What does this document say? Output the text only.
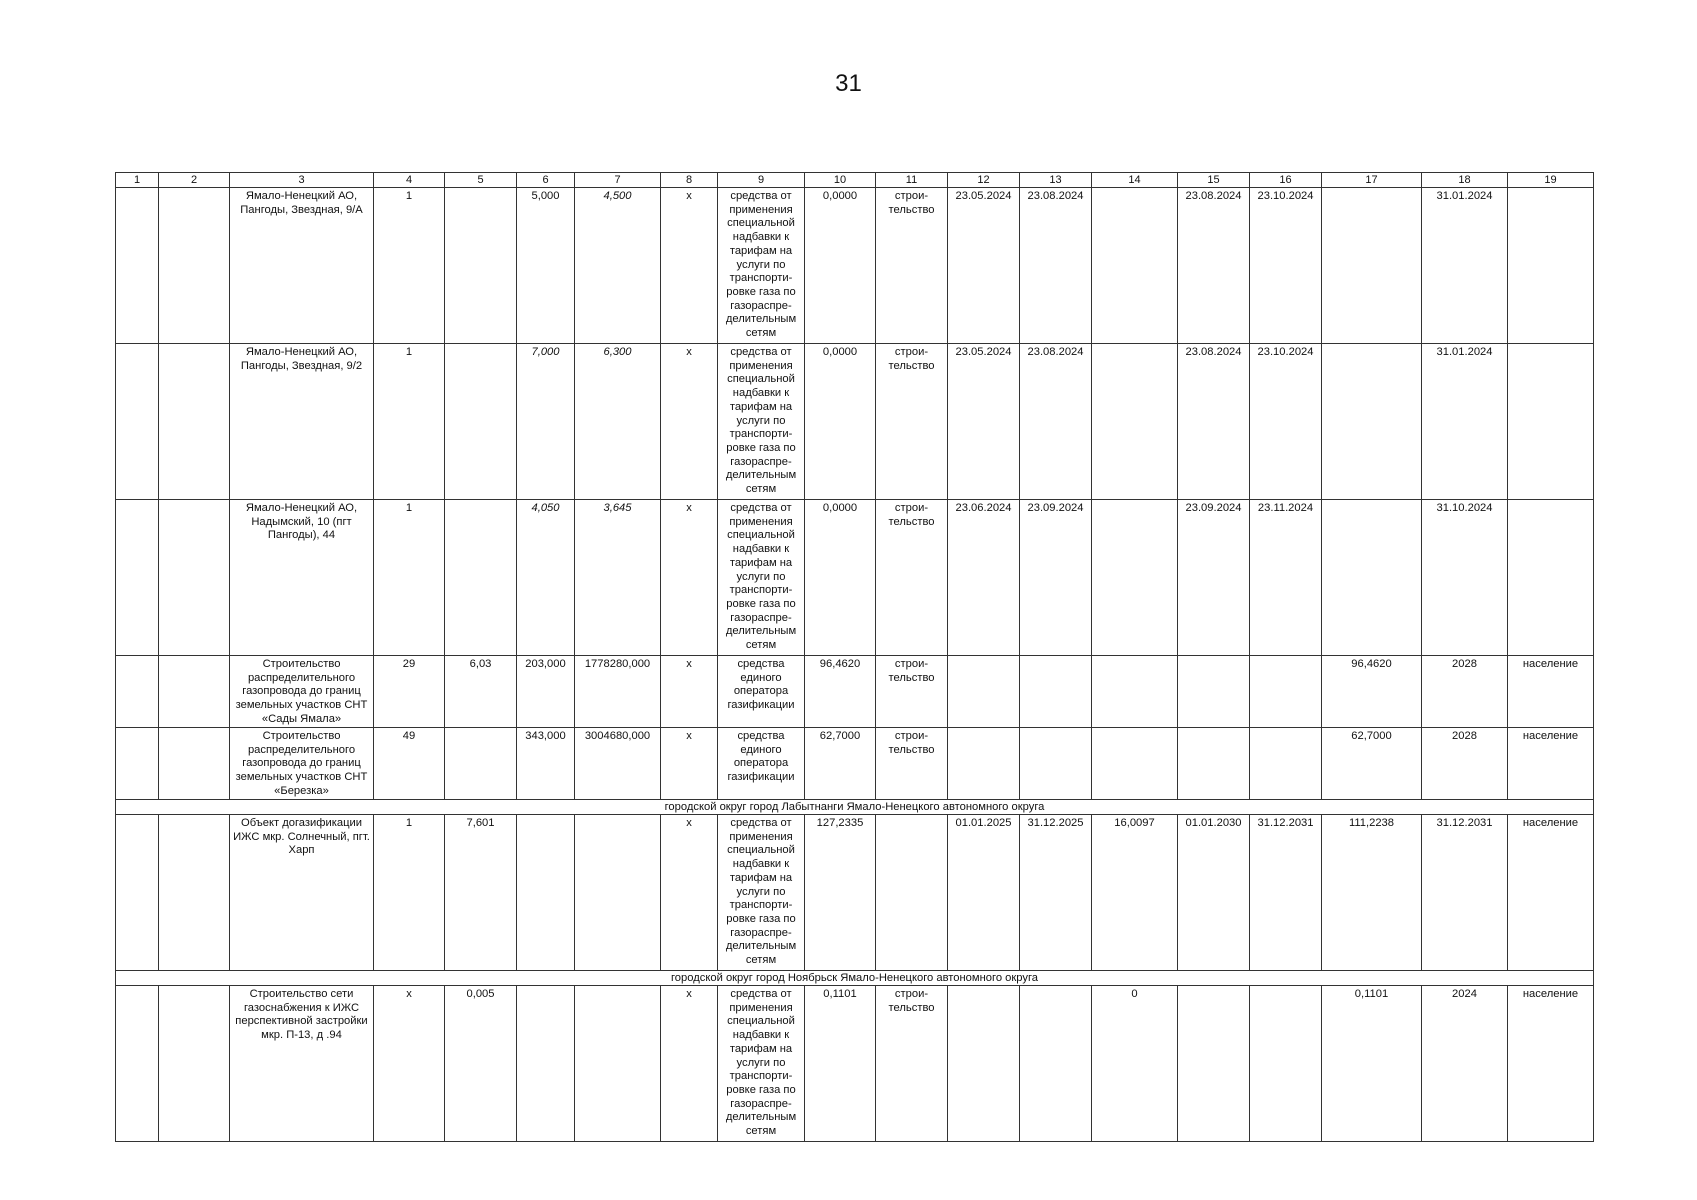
31
1	2	3	4	5	6	7	8	9	10	11	12	13	14	15	16	17	18	19
		Ямало-Ненецкий АО, Пангоды, Звездная, 9/А	1		5,000	4,500	х	средства от применения специальной надбавки к тарифам на услуги по транспорти-ровке газа по газораспре-делительным сетям	0,0000	строи-тельство	23.05.2024	23.08.2024		23.08.2024	23.10.2024		31.01.2024	
		Ямало-Ненецкий АО, Пангоды, Звездная, 9/2	1		7,000	6,300	х	средства от применения специальной надбавки к тарифам на услуги по транспорти-ровке газа по газораспре-делительным сетям	0,0000	строи-тельство	23.05.2024	23.08.2024		23.08.2024	23.10.2024		31.01.2024	
		Ямало-Ненецкий АО, Надымский, 10 (пгт Пангоды), 44	1		4,050	3,645	х	средства от применения специальной надбавки к тарифам на услуги по транспорти-ровке газа по газораспре-делительным сетям	0,0000	строи-тельство	23.06.2024	23.09.2024		23.09.2024	23.11.2024		31.10.2024	
		Строительство распределительного газопровода до границ земельных участков СНТ «Сады Ямала»	29	6,03	203,000	1778280,000	х	средства единого оператора газификации	96,4620	строи-тельство						96,4620	2028	население
		Строительство распределительного газопровода до границ земельных участков СНТ «Березка»	49		343,000	3004680,000	х	средства единого оператора газификации	62,7000	строи-тельство						62,7000	2028	население
городской округ город Лабытнанги Ямало-Ненецкого автономного округа																		
		Объект догазификации ИЖС мкр. Солнечный, пгт. Харп	1	7,601			х	средства от применения специальной надбавки к тарифам на услуги по транспорти-ровке газа по газораспре-делительным сетям	127,2335		01.01.2025	31.12.2025	16,0097	01.01.2030	31.12.2031	111,2238	31.12.2031	население
городской округ город Ноябрьск Ямало-Ненецкого автономного округа																		
		Строительство сети газоснабжения к ИЖС перспективной застройки мкр. П-13, д .94	х	0,005			х	средства от применения специальной надбавки к тарифам на услуги по транспорти-ровке газа по газораспре-делительным сетям	0,1101	строи-тельство			0			0,1101	2024	население
